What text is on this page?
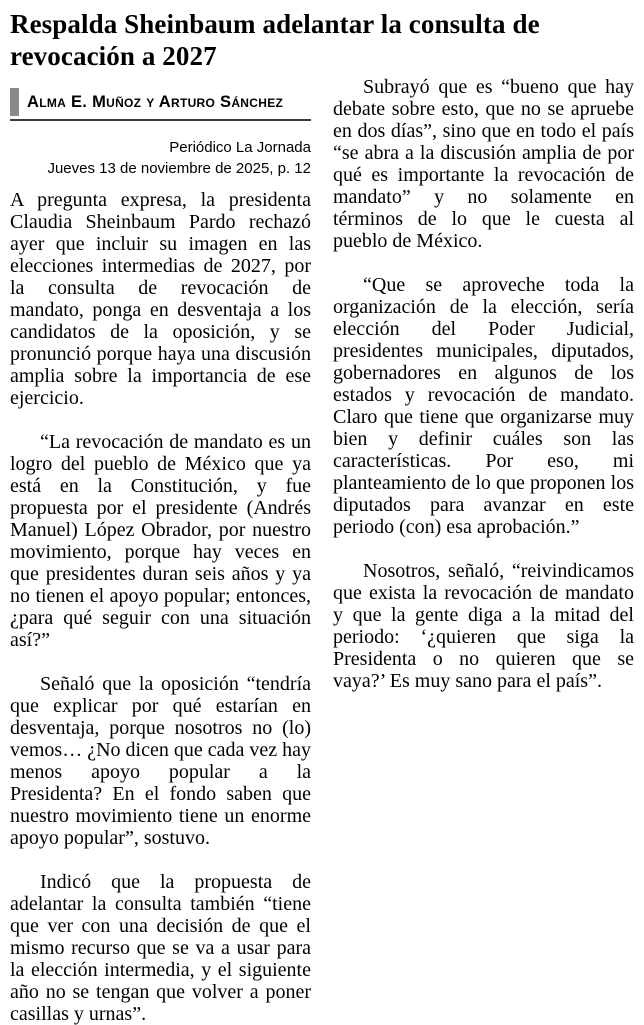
Respalda Sheinbaum adelantar la consulta de revocación a 2027
Alma E. Muñoz y Arturo Sánchez
Periódico La Jornada
Jueves 13 de noviembre de 2025, p. 12

A pregunta expresa, la presidenta Claudia Sheinbaum Pardo rechazó ayer que incluir su imagen en las elecciones intermedias de 2027, por la consulta de revocación de mandato, ponga en desventaja a los candidatos de la oposición, y se pronunció porque haya una discusión amplia sobre la importancia de ese ejercicio.

“La revocación de mandato es un logro del pueblo de México que ya está en la Constitución, y fue propuesta por el presidente (Andrés Manuel) López Obrador, por nuestro movimiento, porque hay veces en que presidentes duran seis años y ya no tienen el apoyo popular; entonces, ¿para qué seguir con una situación así?”

Señaló que la oposición “tendría que explicar por qué estarían en desventaja, porque nosotros no (lo) vemos… ¿No dicen que cada vez hay menos apoyo popular a la Presidenta? En el fondo saben que nuestro movimiento tiene un enorme apoyo popular”, sostuvo.

Indicó que la propuesta de adelantar la consulta también “tiene que ver con una decisión de que el mismo recurso que se va a usar para la elección intermedia, y el siguiente año no se tengan que volver a poner casillas y urnas”.

Subrayó que es “bueno que hay debate sobre esto, que no se apruebe en dos días”, sino que en todo el país “se abra a la discusión amplia de por qué es importante la revocación de mandato” y no solamente en términos de lo que le cuesta al pueblo de México.

“Que se aproveche toda la organización de la elección, sería elección del Poder Judicial, presidentes municipales, diputados, gobernadores en algunos de los estados y revocación de mandato. Claro que tiene que organizarse muy bien y definir cuáles son las características. Por eso, mi planteamiento de lo que proponen los diputados para avanzar en este periodo (con) esa aprobación.”

Nosotros, señaló, “reivindicamos que exista la revocación de mandato y que la gente diga a la mitad del periodo: ‘¿quieren que siga la Presidenta o no quieren que se vaya?’ Es muy sano para el país”.
